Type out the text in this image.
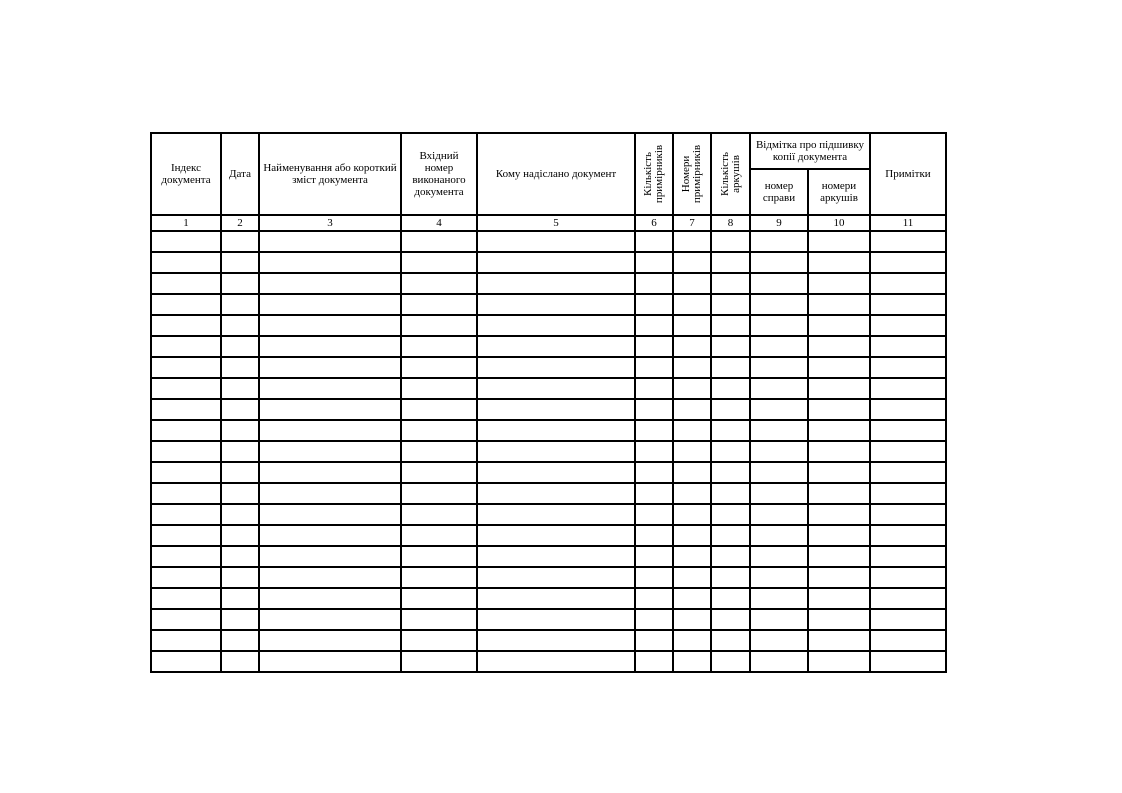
Індекс документа	Дата	Найменування або короткий зміст документа	Вхідний номер виконаного документа	Кому надіслано документ	Кількість примірників	Номери примірників	Кількість аркушів	Відмітка про підшивку копії документа		Примітки
								номер справи	номери аркушів	
1	2	3	4	5	6	7	8	9	10	11
